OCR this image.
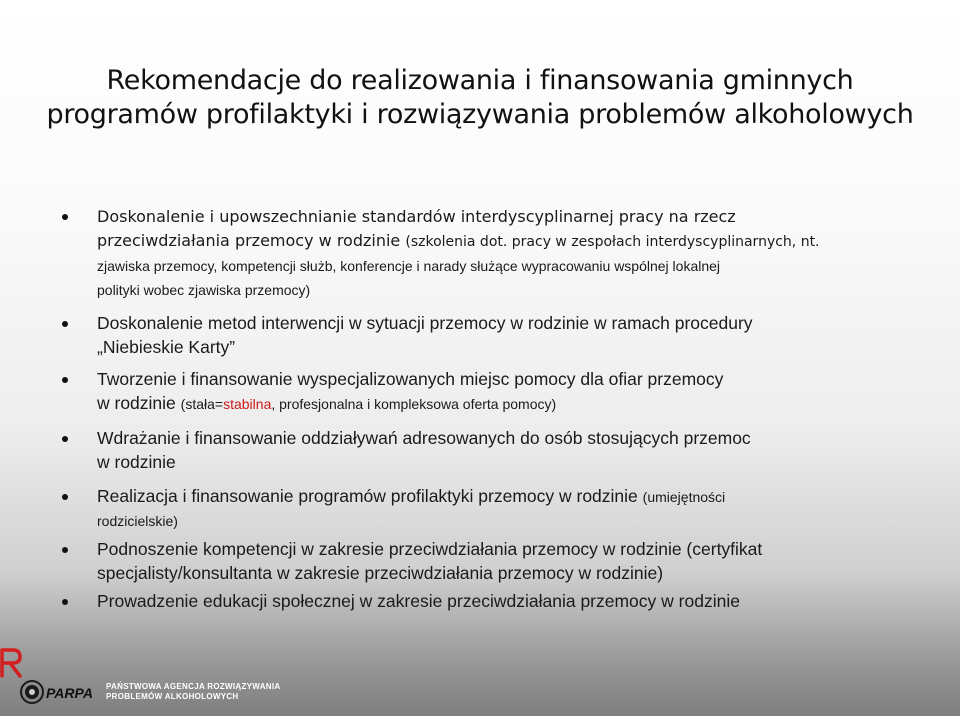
Rekomendacje do realizowania i finansowania gminnych
programów profilaktyki i rozwiązywania problemów alkoholowych
Doskonalenie i upowszechnianie standardów interdyscyplinarnej pracy na rzecz
przeciwdziałania przemocy w rodzinie (szkolenia dot. pracy w zespołach interdyscyplinarnych, nt.
zjawiska przemocy, kompetencji służb, konferencje i narady służące wypracowaniu wspólnej lokalnej
polityki wobec zjawiska przemocy)
Doskonalenie metod interwencji w sytuacji przemocy w rodzinie w ramach procedury
„Niebieskie Karty”
Tworzenie i finansowanie wyspecjalizowanych miejsc pomocy dla ofiar przemocy
w rodzinie (stała=stabilna, profesjonalna i kompleksowa oferta pomocy)
Wdrażanie i finansowanie oddziaływań adresowanych do osób stosujących przemoc
w rodzinie
Realizacja i finansowanie programów profilaktyki przemocy w rodzinie (umiejętności
rodzicielskie)
Podnoszenie kompetencji w zakresie przeciwdziałania przemocy w rodzinie (certyfikat
specjalisty/konsultanta w zakresie przeciwdziałania przemocy w rodzinie)
Prowadzenie edukacji społecznej w zakresie przeciwdziałania przemocy w rodzinie
PARPA PAŃSTWOWA AGENCJA ROZWIĄZYWANIA
PROBLEMÓW ALKOHOLOWYCH
